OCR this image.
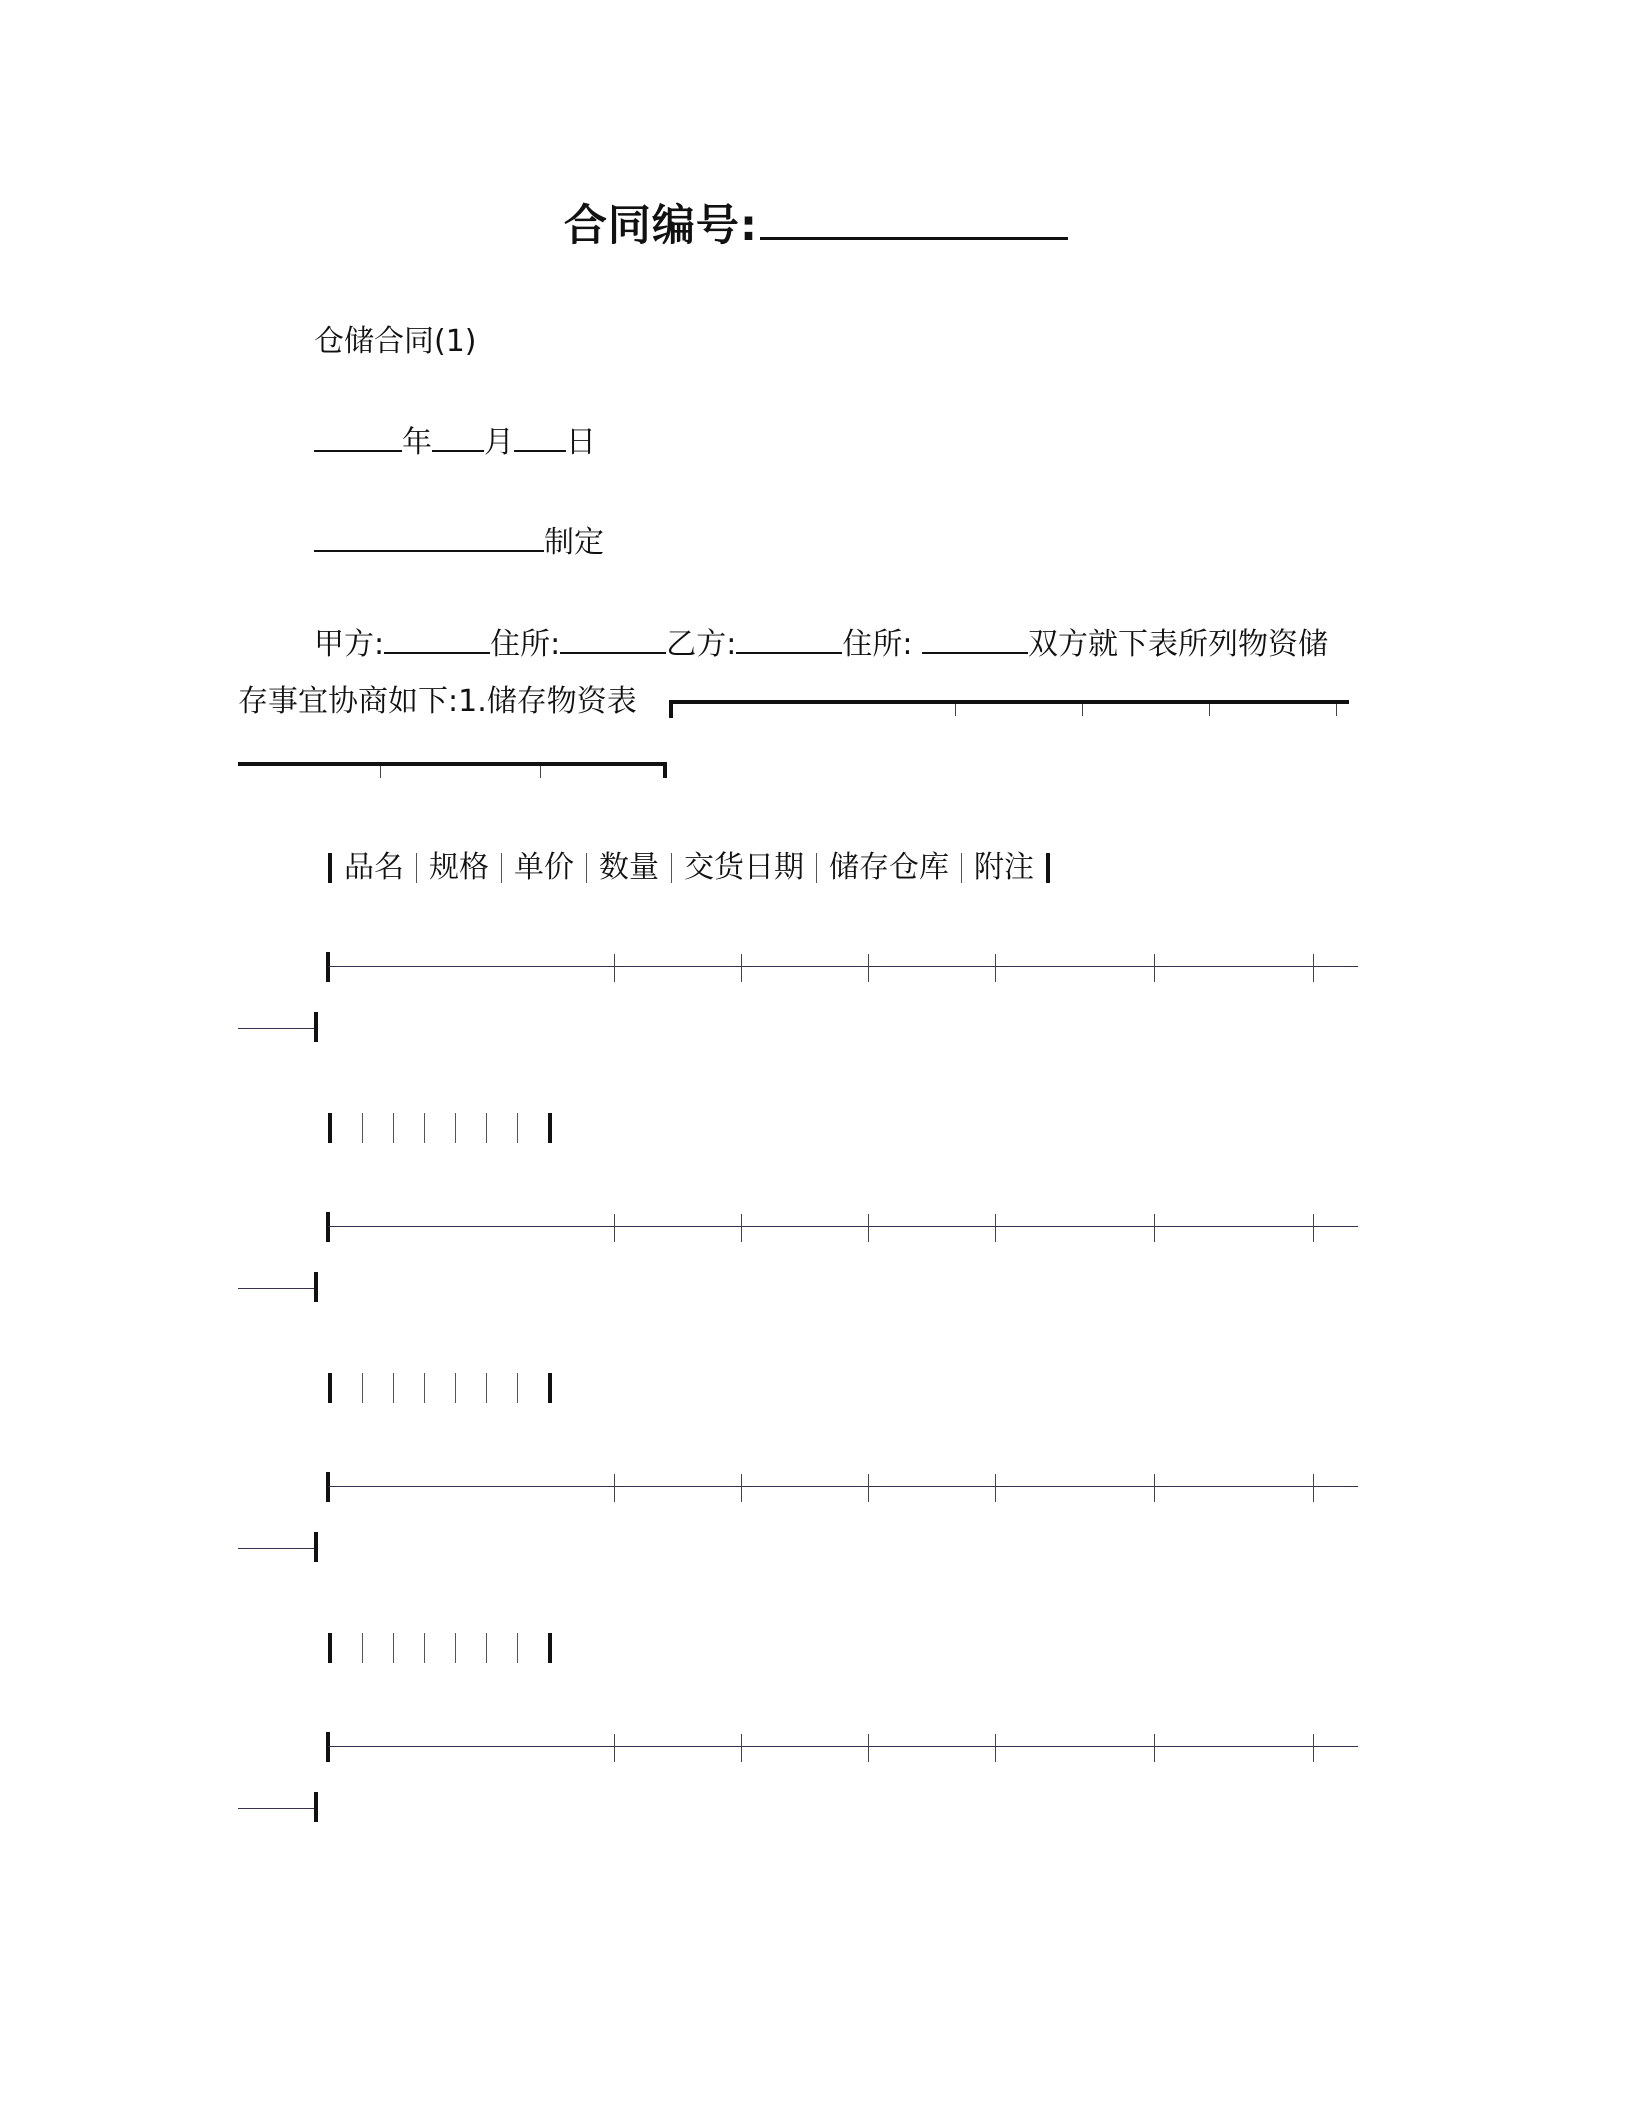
合同编号:
仓储合同(1)
年 月 日
制定
甲方:	住所:	乙方:	住所:	双方就下表所列物资储
存事宜协商如下:1.储存物资表
品名 规格 单价 数量 交货日期 储存仓库 附注
